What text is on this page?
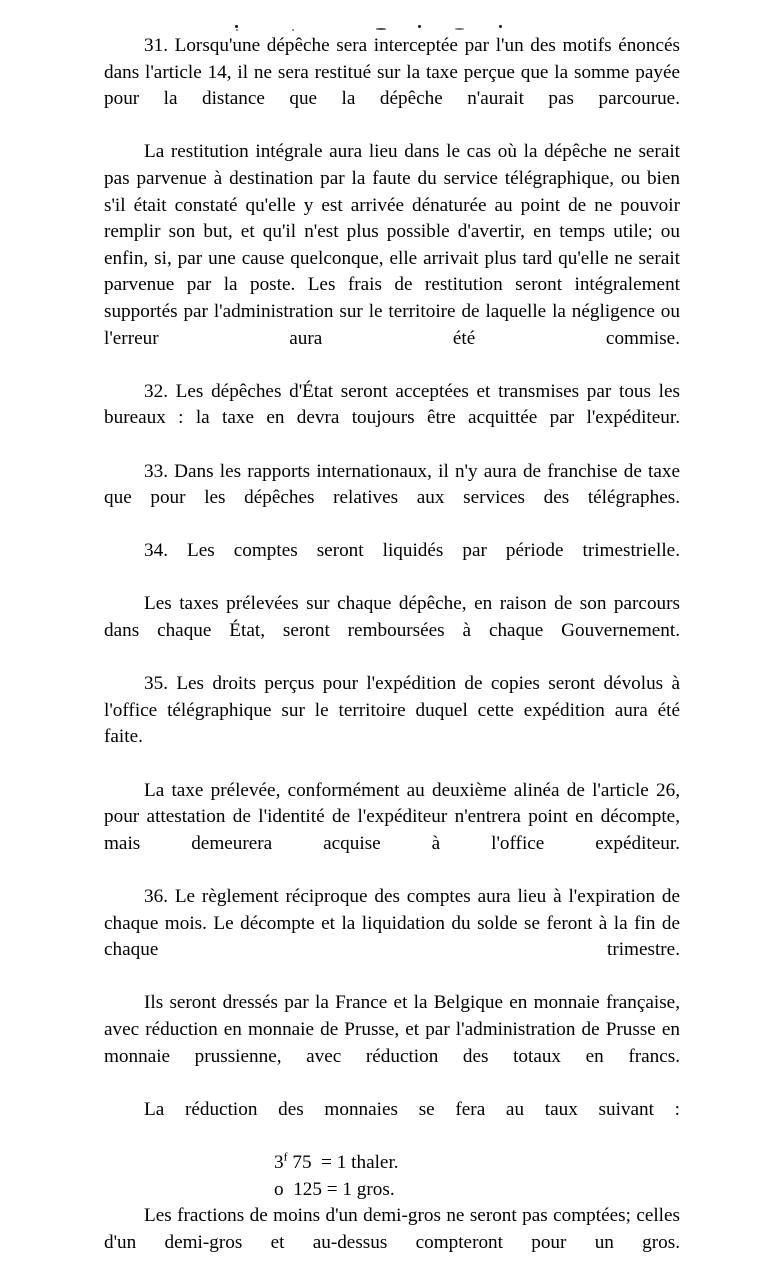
31. Lorsqu'une dépêche sera interceptée par l'un des motifs énoncés dans l'article 14, il ne sera restitué sur la taxe perçue que la somme payée pour la distance que la dépêche n'aurait pas parcourue.

La restitution intégrale aura lieu dans le cas où la dépêche ne serait pas parvenue à destination par la faute du service télégraphique, ou bien s'il était constaté qu'elle y est arrivée dénaturée au point de ne pouvoir remplir son but, et qu'il n'est plus possible d'avertir, en temps utile; ou enfin, si, par une cause quelconque, elle arrivait plus tard qu'elle ne serait parvenue par la poste. Les frais de restitution seront intégralement supportés par l'administration sur le territoire de laquelle la négligence ou l'erreur aura été commise.

32. Les dépêches d'État seront acceptées et transmises par tous les bureaux : la taxe en devra toujours être acquittée par l'expéditeur.

33. Dans les rapports internationaux, il n'y aura de franchise de taxe que pour les dépêches relatives aux services des télégraphes.

34. Les comptes seront liquidés par période trimestrielle.

Les taxes prélevées sur chaque dépêche, en raison de son parcours dans chaque État, seront remboursées à chaque Gouvernement.

35. Les droits perçus pour l'expédition de copies seront dévolus à l'office télégraphique sur le territoire duquel cette expédition aura été faite.

La taxe prélevée, conformément au deuxième alinéa de l'article 26, pour attestation de l'identité de l'expéditeur n'entrera point en décompte, mais demeurera acquise à l'office expéditeur.

36. Le règlement réciproque des comptes aura lieu à l'expiration de chaque mois. Le décompte et la liquidation du solde se feront à la fin de chaque trimestre.

Ils seront dressés par la France et la Belgique en monnaie française, avec réduction en monnaie de Prusse, et par l'administration de Prusse en monnaie prussienne, avec réduction des totaux en francs.

La réduction des monnaies se fera au taux suivant :

3$^f$ 75 = 1 thaler.

o 125 = 1 gros.

Les fractions de moins d'un demi-gros ne seront pas comptées; celles d'un demi-gros et au-dessus compteront pour un gros.
